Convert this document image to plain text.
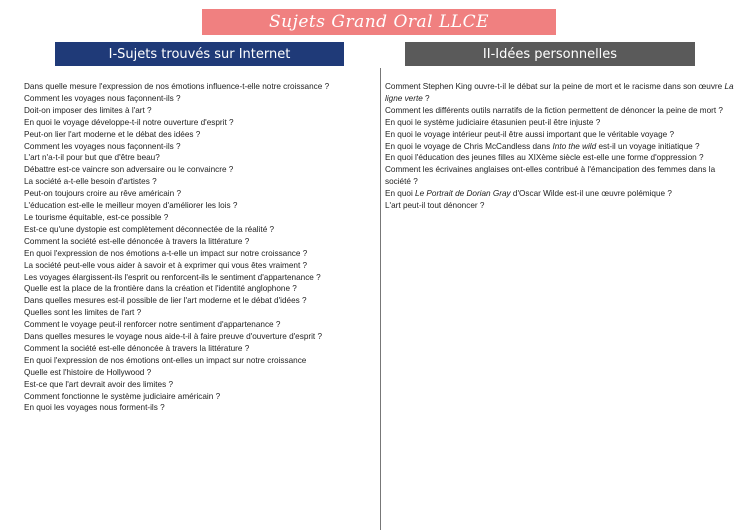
Sujets Grand Oral LLCE
I-Sujets trouvés sur Internet	II-Idées personnelles
Dans quelle mesure l'expression de nos émotions influence-t-elle notre croissance ?
Comment les voyages nous façonnent-ils ?
Doit-on imposer des limites à l'art ?
En quoi le voyage développe-t-il notre ouverture d'esprit ?
Peut-on lier l'art moderne et le débat des idées ?
Comment les voyages nous façonnent-ils ?
L'art n'a-t-il pour but que d'être beau?
Débattre est-ce vaincre son adversaire ou le convaincre ?
La société a-t-elle besoin d'artistes ?
Peut-on toujours croire au rêve américain ?
L'éducation est-elle le meilleur moyen d'améliorer les lois ?
Le tourisme équitable, est-ce possible ?
Est-ce qu'une dystopie est complètement déconnectée de la réalité ?
Comment la société est-elle dénoncée à travers la littérature ?
En quoi l'expression de nos émotions a-t-elle un impact sur notre croissance ?
La société peut-elle vous aider à savoir et à exprimer qui vous êtes vraiment ?
Les voyages élargissent-ils l'esprit ou renforcent-ils le sentiment d'appartenance ?
Quelle est la place de la frontière dans la création et l'identité anglophone ?
Dans quelles mesures est-il possible de lier l'art moderne et le débat d'idées ?
Quelles sont les limites de l'art ?
Comment le voyage peut-il renforcer notre sentiment d'appartenance ?
Dans quelles mesures le voyage nous aide-t-il à faire preuve d'ouverture d'esprit ?
Comment la société est-elle dénoncée à travers la littérature ?
En quoi l'expression de nos émotions ont-elles un impact sur notre croissance
Quelle est l'histoire de Hollywood ?
Est-ce que l'art devrait avoir des limites ?
Comment fonctionne le système judiciaire américain ?
En quoi les voyages nous forment-ils ?
Comment Stephen King ouvre-t-il le débat sur la peine de mort et le racisme dans son œuvre La ligne verte ?
Comment les différents outils narratifs de la fiction permettent de dénoncer la peine de mort ?
En quoi le système judiciaire étasunien peut-il être injuste ?
En quoi le voyage intérieur peut-il être aussi important que le véritable voyage ?
En quoi le voyage de Chris McCandless dans Into the wild est-il un voyage initiatique ?
En quoi l'éducation des jeunes filles au XIXème siècle est-elle une forme d'oppression ?
Comment les écrivaines anglaises ont-elles contribué à l'émancipation des femmes dans la société ?
En quoi Le Portrait de Dorian Gray d'Oscar Wilde est-il une œuvre polémique ?
L'art peut-il tout dénoncer ?
